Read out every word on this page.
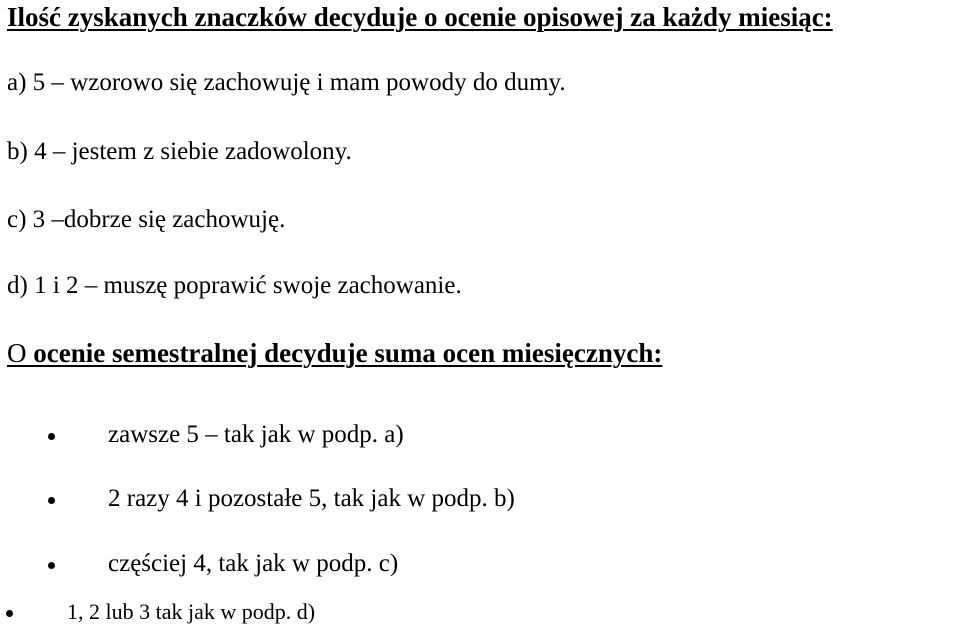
Ilość zyskanych znaczków decyduje o ocenie opisowej za każdy miesiąc:
a) 5 – wzorowo się zachowuję i mam powody do dumy.
b) 4 – jestem z siebie zadowolony.
c) 3 –dobrze się zachowuję.
d) 1 i 2 – muszę poprawić swoje zachowanie.
O ocenie semestralnej decyduje suma ocen miesięcznych:
zawsze 5 – tak jak w podp. a)
2 razy 4 i pozostałe 5, tak jak w podp. b)
częściej 4, tak jak w podp. c)
1, 2 lub 3 tak jak w podp. d)
